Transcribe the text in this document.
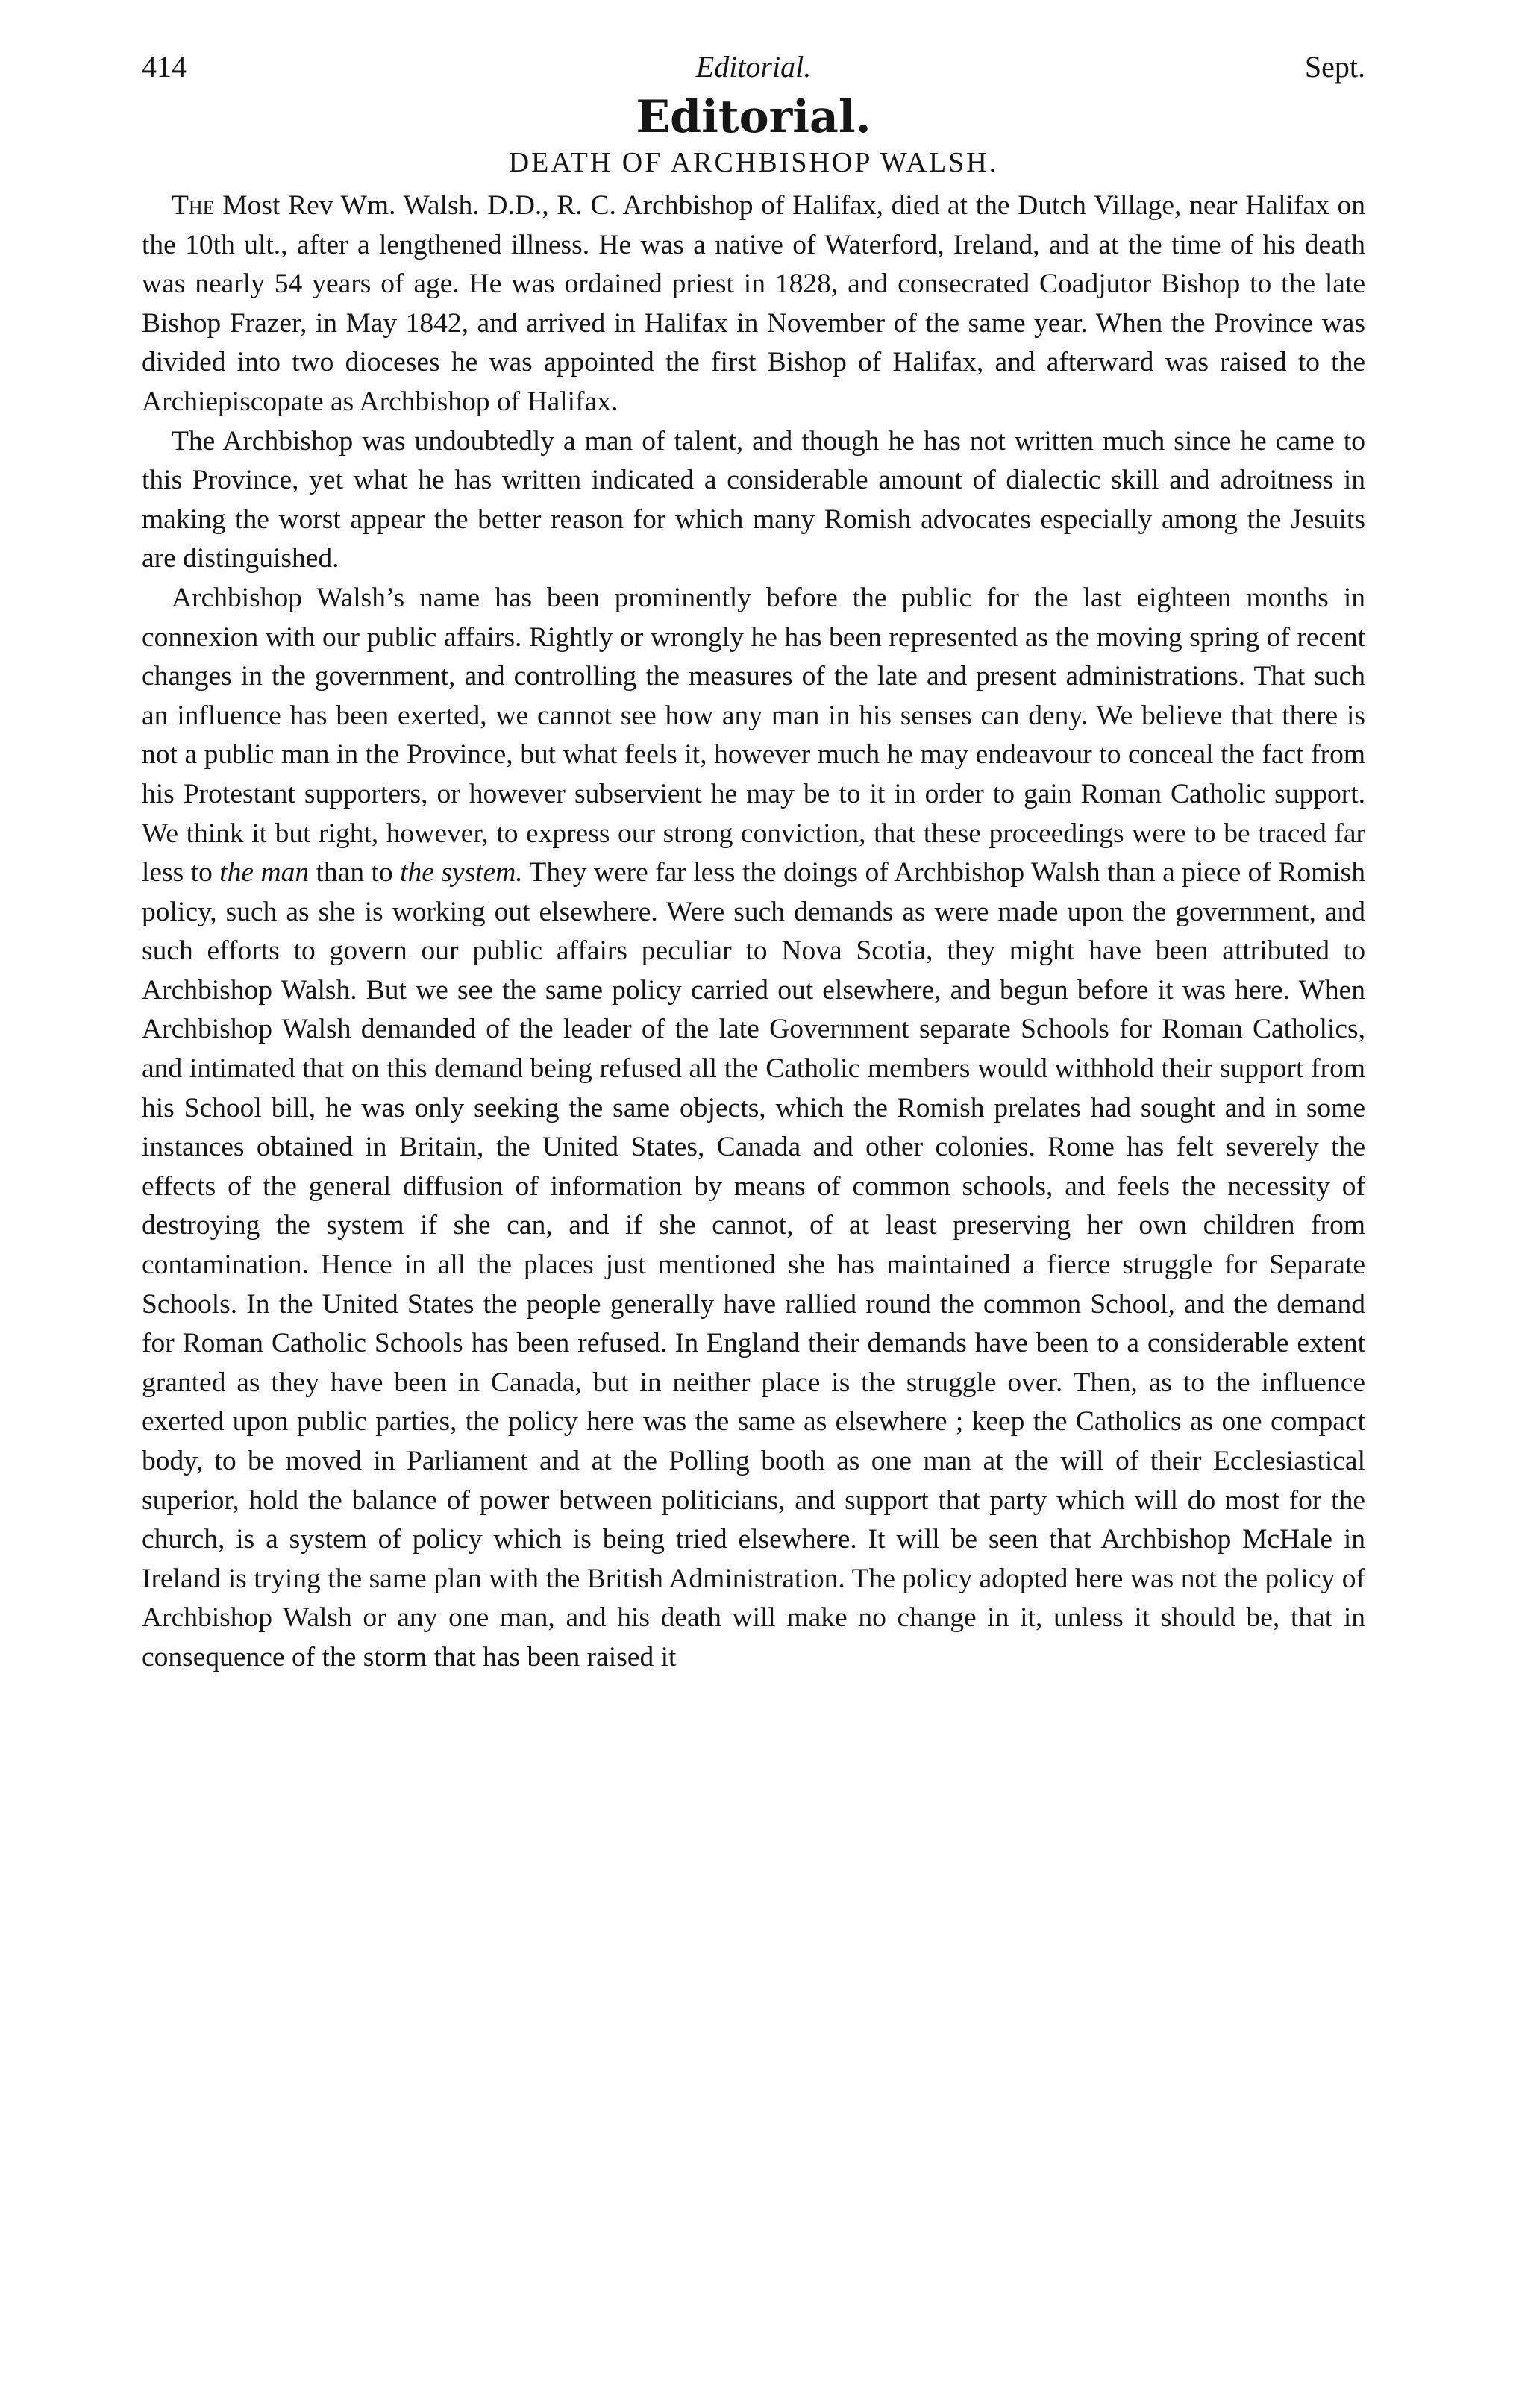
414	Editorial.	Sept.
Editorial.
DEATH OF ARCHBISHOP WALSH.

The Most Rev Wm. Walsh. D.D., R. C. Archbishop of Halifax, died at the Dutch Village, near Halifax on the 10th ult., after a lengthened illness. He was a native of Waterford, Ireland, and at the time of his death was nearly 54 years of age. He was ordained priest in 1828, and consecrated Coadjutor Bishop to the late Bishop Frazer, in May 1842, and arrived in Halifax in November of the same year. When the Province was divided into two dioceses he was appointed the first Bishop of Halifax, and afterward was raised to the Archiepiscopate as Archbishop of Halifax.

The Archbishop was undoubtedly a man of talent, and though he has not written much since he came to this Province, yet what he has written indicated a considerable amount of dialectic skill and adroitness in making the worst appear the better reason for which many Romish advocates especially among the Jesuits are distinguished.

Archbishop Walsh’s name has been prominently before the public for the last eighteen months in connexion with our public affairs. Rightly or wrongly he has been represented as the moving spring of recent changes in the government, and controlling the measures of the late and present administrations. That such an influence has been exerted, we cannot see how any man in his senses can deny. We believe that there is not a public man in the Province, but what feels it, however much he may endeavour to conceal the fact from his Protestant supporters, or however subservient he may be to it in order to gain Roman Catholic support. We think it but right, however, to express our strong conviction, that these proceedings were to be traced far less to the man than to the system. They were far less the doings of Archbishop Walsh than a piece of Romish policy, such as she is working out elsewhere. Were such demands as were made upon the government, and such efforts to govern our public affairs peculiar to Nova Scotia, they might have been attributed to Archbishop Walsh. But we see the same policy carried out elsewhere, and begun before it was here. When Archbishop Walsh demanded of the leader of the late Government separate Schools for Roman Catholics, and intimated that on this demand being refused all the Catholic members would withhold their support from his School bill, he was only seeking the same objects, which the Romish prelates had sought and in some instances obtained in Britain, the United States, Canada and other colonies. Rome has felt severely the effects of the general diffusion of information by means of common schools, and feels the necessity of destroying the system if she can, and if she cannot, of at least preserving her own children from contamination. Hence in all the places just mentioned she has maintained a fierce struggle for Separate Schools. In the United States the people generally have rallied round the common School, and the demand for Roman Catholic Schools has been refused. In England their demands have been to a considerable extent granted as they have been in Canada, but in neither place is the struggle over. Then, as to the influence exerted upon public parties, the policy here was the same as elsewhere ; keep the Catholics as one compact body, to be moved in Parliament and at the Polling booth as one man at the will of their Ecclesiastical superior, hold the balance of power between politicians, and support that party which will do most for the church, is a system of policy which is being tried elsewhere. It will be seen that Archbishop McHale in Ireland is trying the same plan with the British Administration. The policy adopted here was not the policy of Archbishop Walsh or any one man, and his death will make no change in it, unless it should be, that in consequence of the storm that has been raised it
